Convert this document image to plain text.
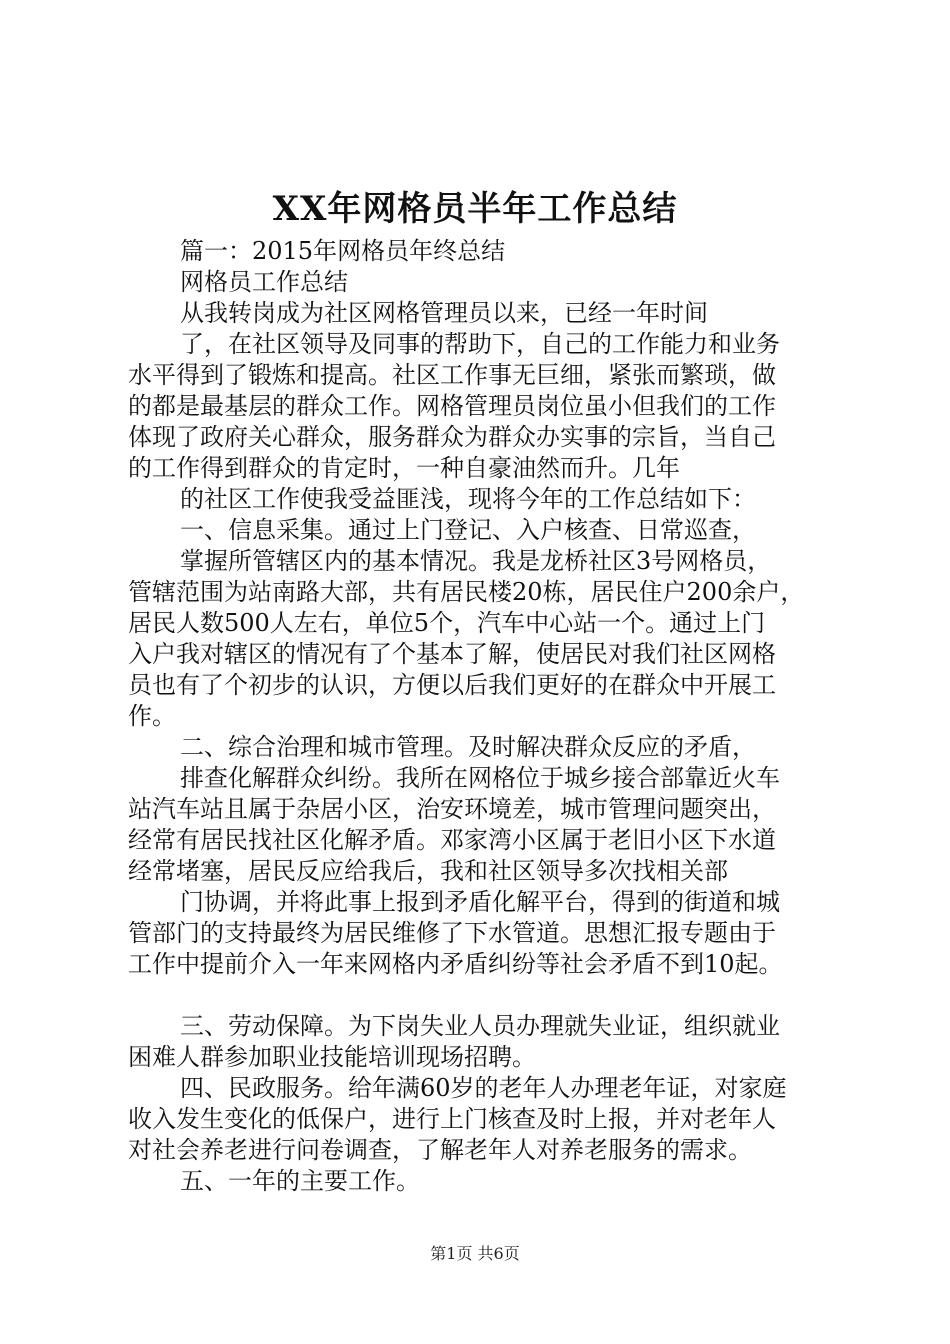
XX年网格员半年工作总结
篇一：2015年网格员年终总结
网格员工作总结
从我转岗成为社区网格管理员以来，已经一年时间
了，在社区领导及同事的帮助下，自己的工作能力和业务
水平得到了锻炼和提高。社区工作事无巨细，紧张而繁琐，做
的都是最基层的群众工作。网格管理员岗位虽小但我们的工作
体现了政府关心群众，服务群众为群众办实事的宗旨，当自己
的工作得到群众的肯定时，一种自豪油然而升。几年
的社区工作使我受益匪浅，现将今年的工作总结如下：
一、信息采集。通过上门登记、入户核查、日常巡查，
掌握所管辖区内的基本情况。我是龙桥社区3号网格员，
管辖范围为站南路大部，共有居民楼20栋，居民住户200余户，
居民人数500人左右，单位5个，汽车中心站一个。通过上门
入户我对辖区的情况有了个基本了解，使居民对我们社区网格
员也有了个初步的认识，方便以后我们更好的在群众中开展工
作。
二、综合治理和城市管理。及时解决群众反应的矛盾，
排查化解群众纠纷。我所在网格位于城乡接合部靠近火车
站汽车站且属于杂居小区，治安环境差，城市管理问题突出，
经常有居民找社区化解矛盾。邓家湾小区属于老旧小区下水道
经常堵塞，居民反应给我后，我和社区领导多次找相关部
门协调，并将此事上报到矛盾化解平台，得到的街道和城
管部门的支持最终为居民维修了下水管道。思想汇报专题由于
工作中提前介入一年来网格内矛盾纠纷等社会矛盾不到10起。
三、劳动保障。为下岗失业人员办理就失业证，组织就业
困难人群参加职业技能培训现场招聘。
四、民政服务。给年满60岁的老年人办理老年证，对家庭
收入发生变化的低保户，进行上门核查及时上报，并对老年人
对社会养老进行问卷调查，了解老年人对养老服务的需求。
五、一年的主要工作。
第1页 共6页
